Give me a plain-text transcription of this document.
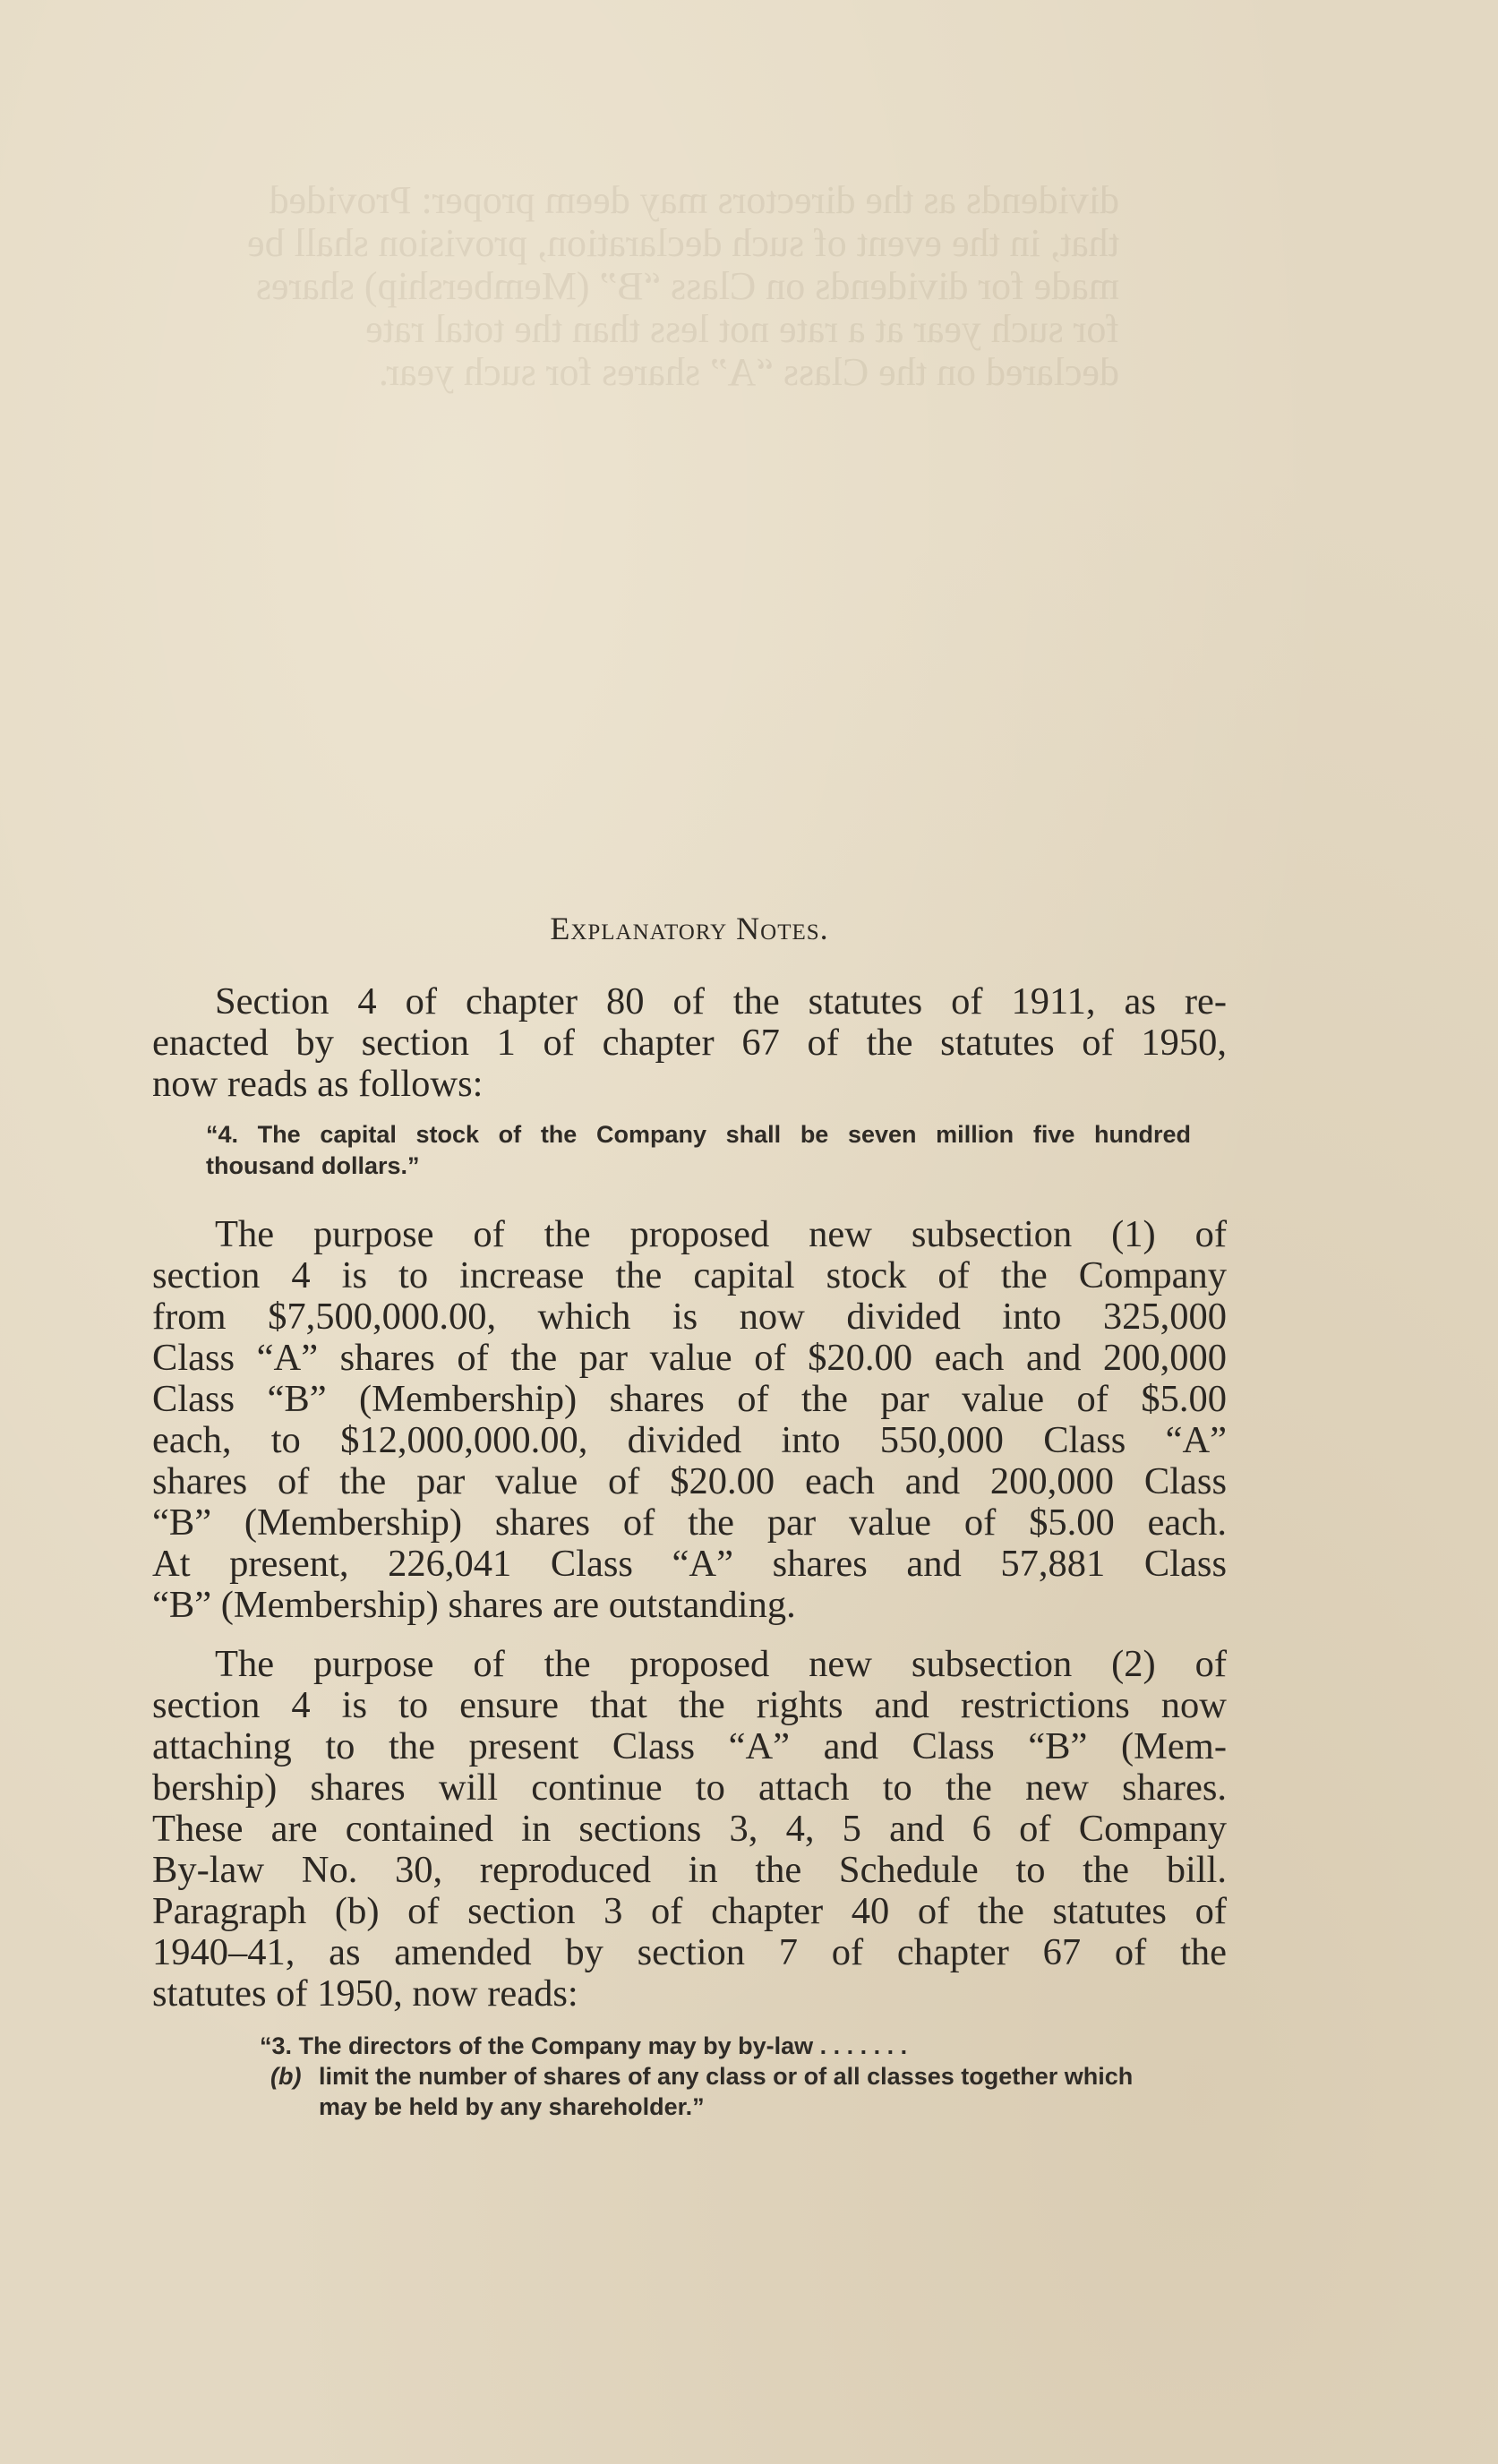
dividends as the directors may deem proper: Provided
that, in the event of such declaration, provision shall be
made for dividends on Class “B” (Membership) shares
for such year at a rate not less than the total rate
declared on the Class “A” shares for such year.
Explanatory Notes.

Section 4 of chapter 80 of the statutes of 1911, as re-
enacted by section 1 of chapter 67 of the statutes of 1950,
now reads as follows:

“4. The capital stock of the Company shall be seven million five hundred
thousand dollars.”

The purpose of the proposed new subsection (1) of
section 4 is to increase the capital stock of the Company
from $7,500,000.00, which is now divided into 325,000
Class “A” shares of the par value of $20.00 each and 200,000
Class “B” (Membership) shares of the par value of $5.00
each, to $12,000,000.00, divided into 550,000 Class “A”
shares of the par value of $20.00 each and 200,000 Class
“B” (Membership) shares of the par value of $5.00 each.
At present, 226,041 Class “A” shares and 57,881 Class
“B” (Membership) shares are outstanding.

The purpose of the proposed new subsection (2) of
section 4 is to ensure that the rights and restrictions now
attaching to the present Class “A” and Class “B” (Mem-
bership) shares will continue to attach to the new shares.
These are contained in sections 3, 4, 5 and 6 of Company
By-law No. 30, reproduced in the Schedule to the bill.
Paragraph (b) of section 3 of chapter 40 of the statutes of
1940–41, as amended by section 7 of chapter 67 of the
statutes of 1950, now reads:

“3. The directors of the Company may by by-law . . . . . . .
(b) limit the number of shares of any class or of all classes together which
may be held by any shareholder.”
